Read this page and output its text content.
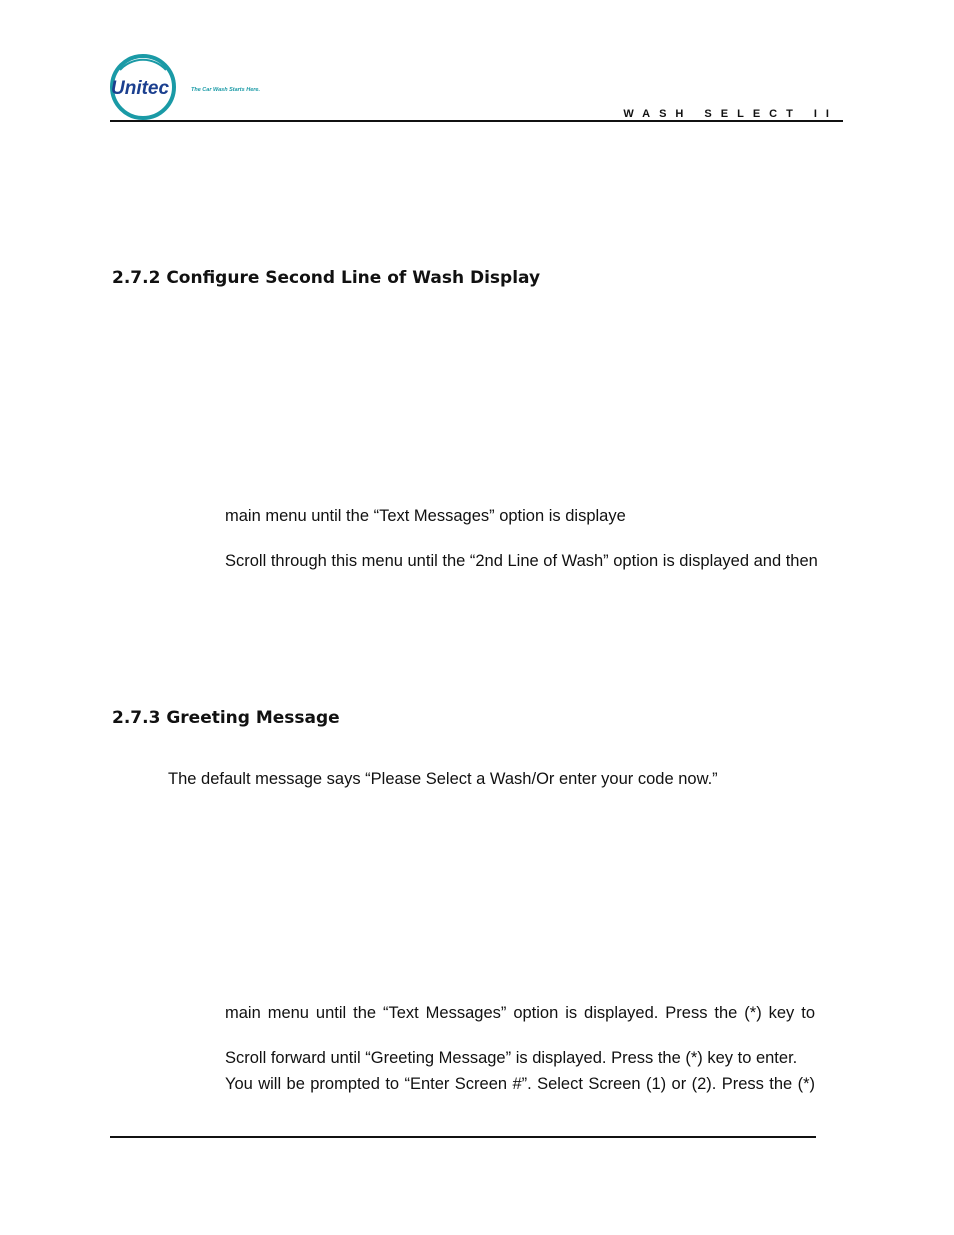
Unitec	The Car Wash Starts Here.
WASH SELECT II
2.7.2 Configure Second Line of Wash Display
main menu until the “Text Messages” option is displaye
Scroll through this menu until the “2nd Line of Wash” option is displayed and then
2.7.3 Greeting Message
The default message says “Please Select a Wash/Or enter your code now.”
main menu until the “Text Messages” option is displayed. Press the (*) key to
Scroll forward until “Greeting Message” is displayed. Press the (*) key to enter.
You will be prompted to “Enter Screen #”. Select Screen (1) or (2). Press the (*)
